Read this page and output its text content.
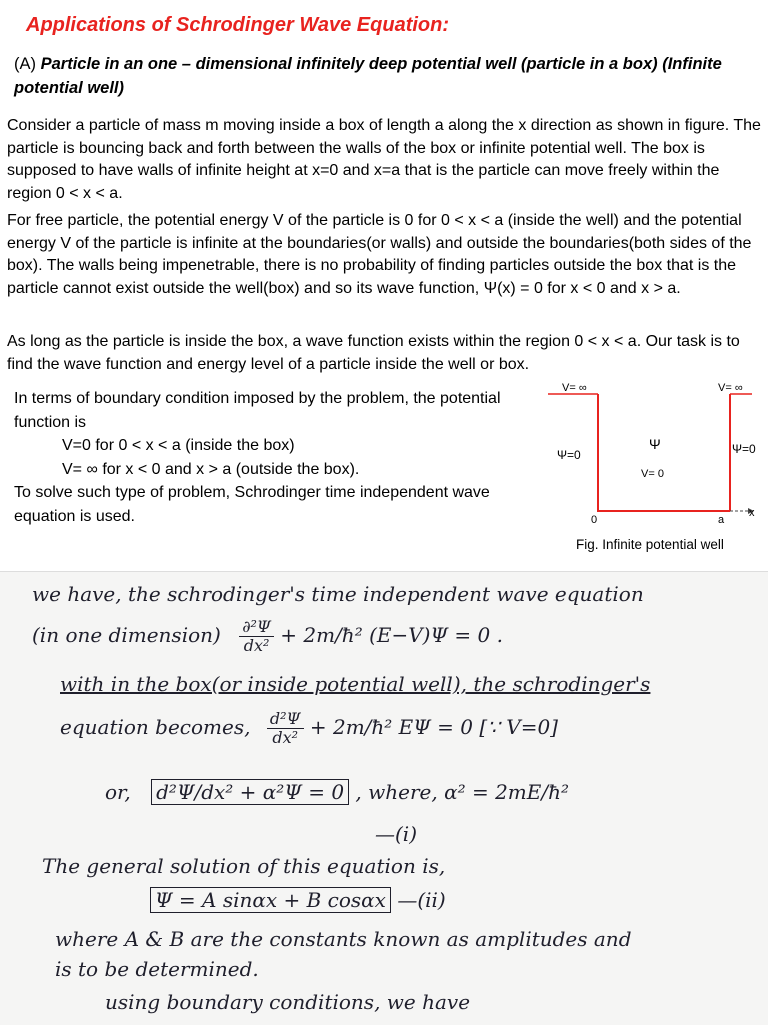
Applications of Schrodinger Wave Equation:
(A) Particle in an one – dimensional infinitely deep potential well (particle in a box) (Infinite potential well)
Consider a particle of mass m moving inside a box of length a along the x direction as shown in figure. The particle is bouncing back and forth between the walls of the box or infinite potential well. The box is supposed to have walls of infinite height at x=0 and x=a that is the particle can move freely within the region 0 < x < a.
For free particle, the potential energy V of the particle is 0 for 0 < x < a (inside the well) and the potential energy V of the particle is infinite at the boundaries(or walls) and outside the boundaries(both sides of the box). The walls being impenetrable, there is no probability of finding particles outside the box that is the particle cannot exist outside the well(box) and so its wave function, Ψ(x) = 0 for x < 0 and x > a.
As long as the particle is inside the box, a wave function exists within the region 0 < x < a. Our task is to find the wave function and energy level of a particle inside the well or box.
In terms of boundary condition imposed by the problem, the potential function is
V=0 for 0 < x < a (inside the box)
V= ∞ for x < 0 and x > a (outside the box).
To solve such type of problem, Schrodinger time independent wave equation is used.
V= ∞	V= ∞
Ψ=0
Ψ	Ψ=0
V= 0
0	a
x
Fig. Infinite potential well
we have, the schrodinger's time independent wave equation
(in one dimension) $\frac{\text{∂²Ψ}}{\text{dx²}}$ + 2m/ħ² (E−V)Ψ = 0 .
with in the box(or inside potential well), the schrodinger's
equation becomes, $\frac{\text{d²Ψ}}{\text{dx²}}$ + 2m/ħ² EΨ = 0 [∵ V=0]
or, d²Ψ/dx² + α²Ψ = 0 , where, α² = 2mE/ħ²
—(i)
The general solution of this equation is,
Ψ = A sinαx + B cosαx —(ii)
where A & B are the constants known as amplitudes and
is to be determined.
using boundary conditions, we have
